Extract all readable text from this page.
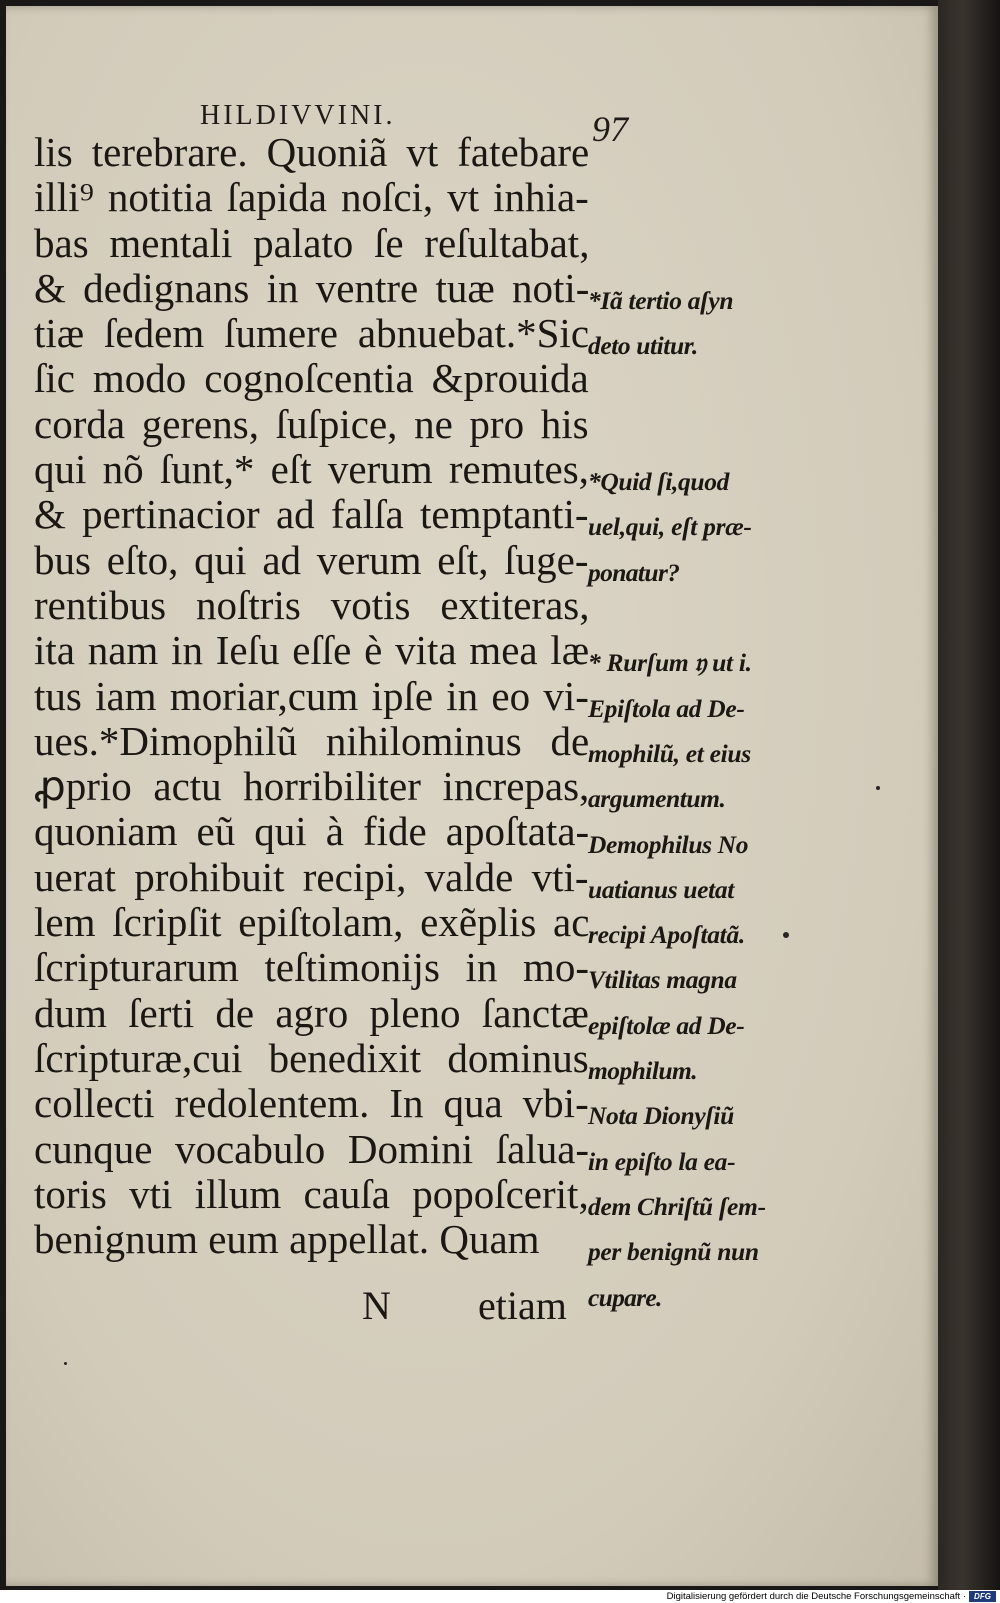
HILDIVVINI.	97
lis terebrare. Quoniã vt fatebare
illi⁹ notitia ſapida noſci, vt inhia-
bas mentali palato ſe reſultabat,
& dedignans in ventre tuæ noti-
tiæ ſedem ſumere abnuebat.*Sic
ſic modo cognoſcentia &prouida
corda gerens, ſuſpice, ne pro his
qui nõ ſunt,* eſt verum remutes,
& pertinacior ad falſa temptanti-
bus eſto, qui ad verum eſt, ſuge-
rentibus noſtris votis extiteras,
ita nam in Ieſu eſſe è vita mea læ
tus iam moriar,cum ipſe in eo vi-
ues.*Dimophilũ nihilominus de
ꝓprio actu horribiliter increpas,
quoniam eũ qui à fide apoſtata-
uerat prohibuit recipi, valde vti-
lem ſcripſit epiſtolam, exẽplis ac
ſcripturarum teſtimonijs in mo-
dum ſerti de agro pleno ſanctæ
ſcripturæ,cui benedixit dominus
collecti redolentem. In qua vbi-
cunque vocabulo Domini ſalua-
toris vti illum cauſa popoſcerit,
benignum eum appellat. Quam
*Iã tertio aſyn
deto utitur.
*Quid ſi,quod
uel,qui, eſt præ-
ponatur?
* Rurſum 𝔶 ut i.
Epiſtola ad De-
mophilũ, et eius
argumentum.
Demophilus No
uatianus uetat
recipi Apoſtatã.
Vtilitas magna
epiſtolæ ad De-
mophilum.
Nota Dionyſiũ
in epiſto la ea-
dem Chriſtũ ſem-
per benignũ nun
cupare.
N etiam
Digitalisierung gefördert durch die Deutsche Forschungsgemeinschaft ·	DFG
